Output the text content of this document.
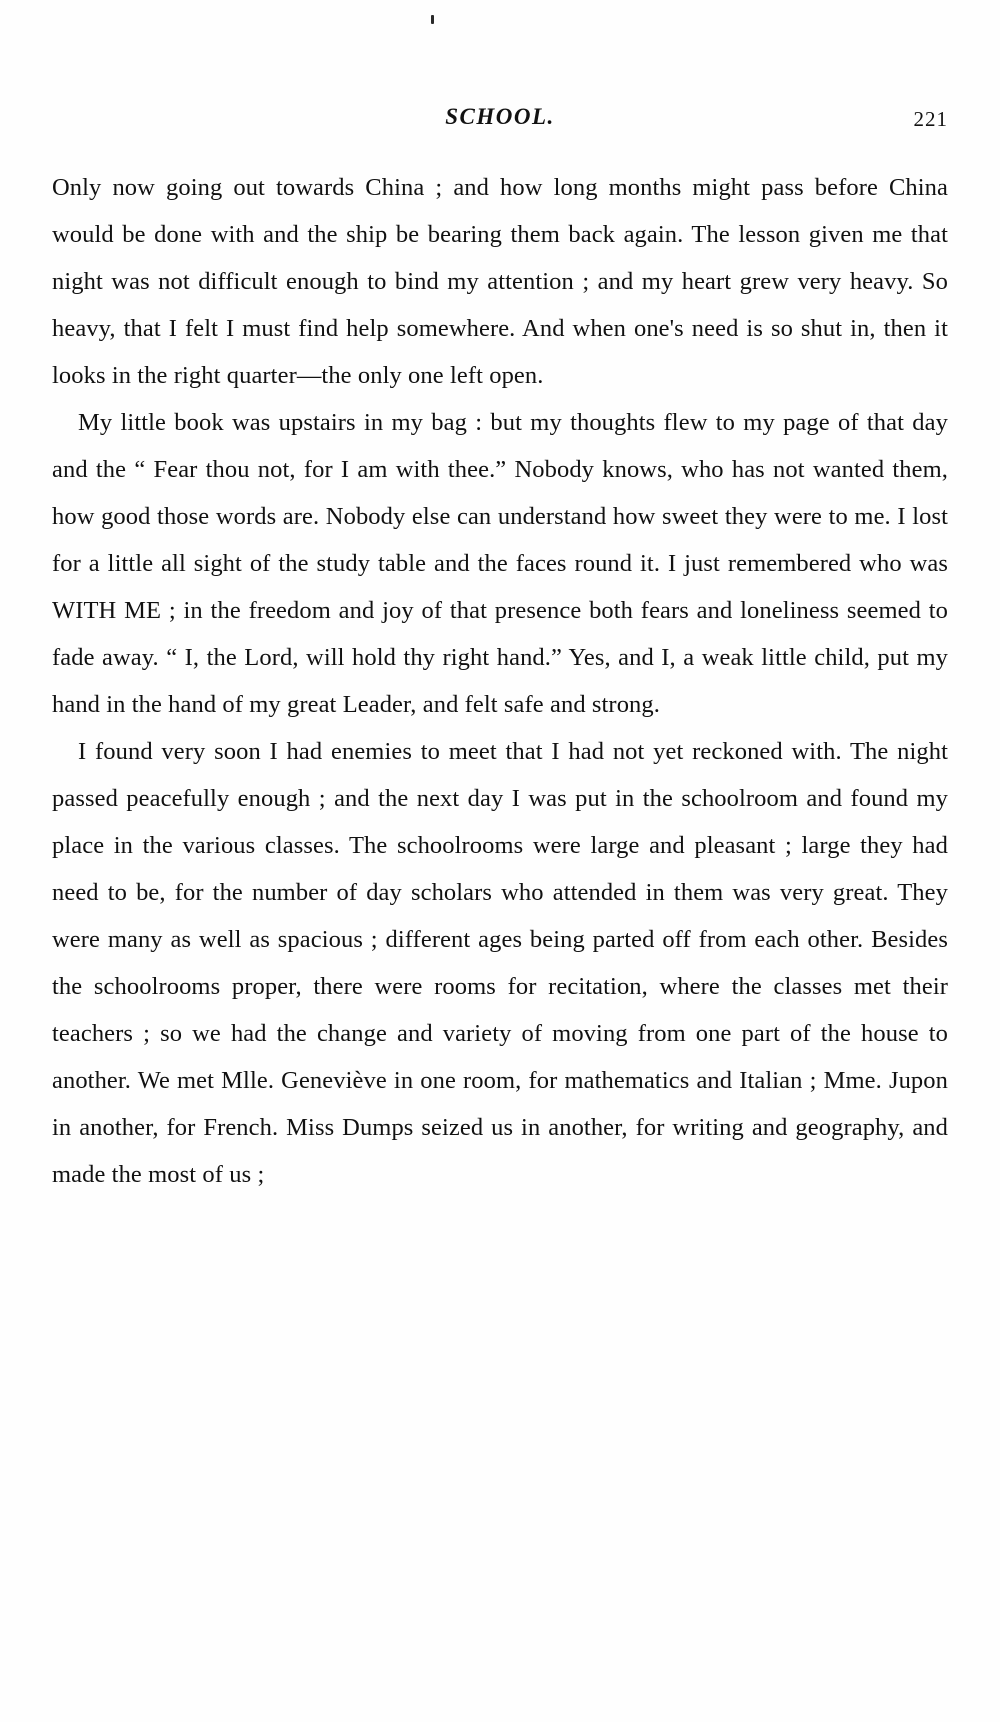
SCHOOL.	221

Only now going out towards China ; and how long months might pass before China would be done with and the ship be bearing them back again. The lesson given me that night was not difficult enough to bind my attention ; and my heart grew very heavy. So heavy, that I felt I must find help somewhere. And when one's need is so shut in, then it looks in the right quarter—the only one left open.

My little book was upstairs in my bag : but my thoughts flew to my page of that day and the “ Fear thou not, for I am with thee.” Nobody knows, who has not wanted them, how good those words are. Nobody else can understand how sweet they were to me. I lost for a little all sight of the study table and the faces round it. I just remembered who was WITH ME ; in the freedom and joy of that presence both fears and loneliness seemed to fade away. “ I, the Lord, will hold thy right hand.” Yes, and I, a weak little child, put my hand in the hand of my great Leader, and felt safe and strong.

I found very soon I had enemies to meet that I had not yet reckoned with. The night passed peacefully enough ; and the next day I was put in the schoolroom and found my place in the various classes. The schoolrooms were large and pleasant ; large they had need to be, for the number of day scholars who attended in them was very great. They were many as well as spacious ; different ages being parted off from each other. Besides the schoolrooms proper, there were rooms for recitation, where the classes met their teachers ; so we had the change and variety of moving from one part of the house to another. We met Mlle. Geneviève in one room, for mathematics and Italian ; Mme. Jupon in another, for French. Miss Dumps seized us in another, for writing and geography, and made the most of us ;
